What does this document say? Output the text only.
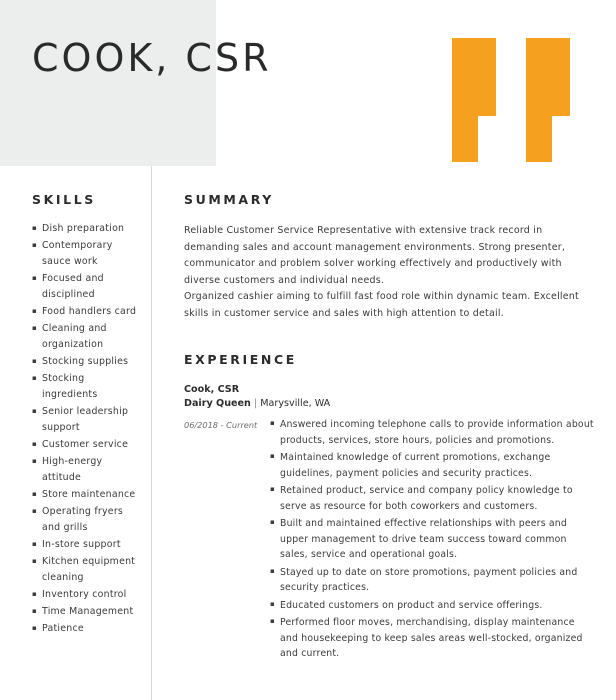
COOK, CSR
SKILLS
▪ Dish preparation
▪ Contemporary sauce work
▪ Focused and disciplined
▪ Food handlers card
▪ Cleaning and organization
▪ Stocking supplies
▪ Stocking ingredients
▪ Senior leadership support
▪ Customer service
▪ High-energy attitude
▪ Store maintenance
▪ Operating fryers and grills
▪ In-store support
▪ Kitchen equipment cleaning
▪ Inventory control
▪ Time Management
▪ Patience
SUMMARY

Reliable Customer Service Representative with extensive track record in demanding sales and account management environments. Strong presenter, communicator and problem solver working effectively and productively with diverse customers and individual needs.

Organized cashier aiming to fulfill fast food role within dynamic team. Excellent skills in customer service and sales with high attention to detail.

EXPERIENCE
Cook, CSR
Dairy Queen | Marysville, WA
06/2018 - Current	▪ Answered incoming telephone calls to provide information about products, services, store hours, policies and promotions.
▪ Maintained knowledge of current promotions, exchange guidelines, payment policies and security practices.
▪ Retained product, service and company policy knowledge to serve as resource for both coworkers and customers.
▪ Built and maintained effective relationships with peers and upper management to drive team success toward common sales, service and operational goals.
▪ Stayed up to date on store promotions, payment policies and security practices.
▪ Educated customers on product and service offerings.
▪ Performed floor moves, merchandising, display maintenance and housekeeping to keep sales areas well-stocked, organized and current.
